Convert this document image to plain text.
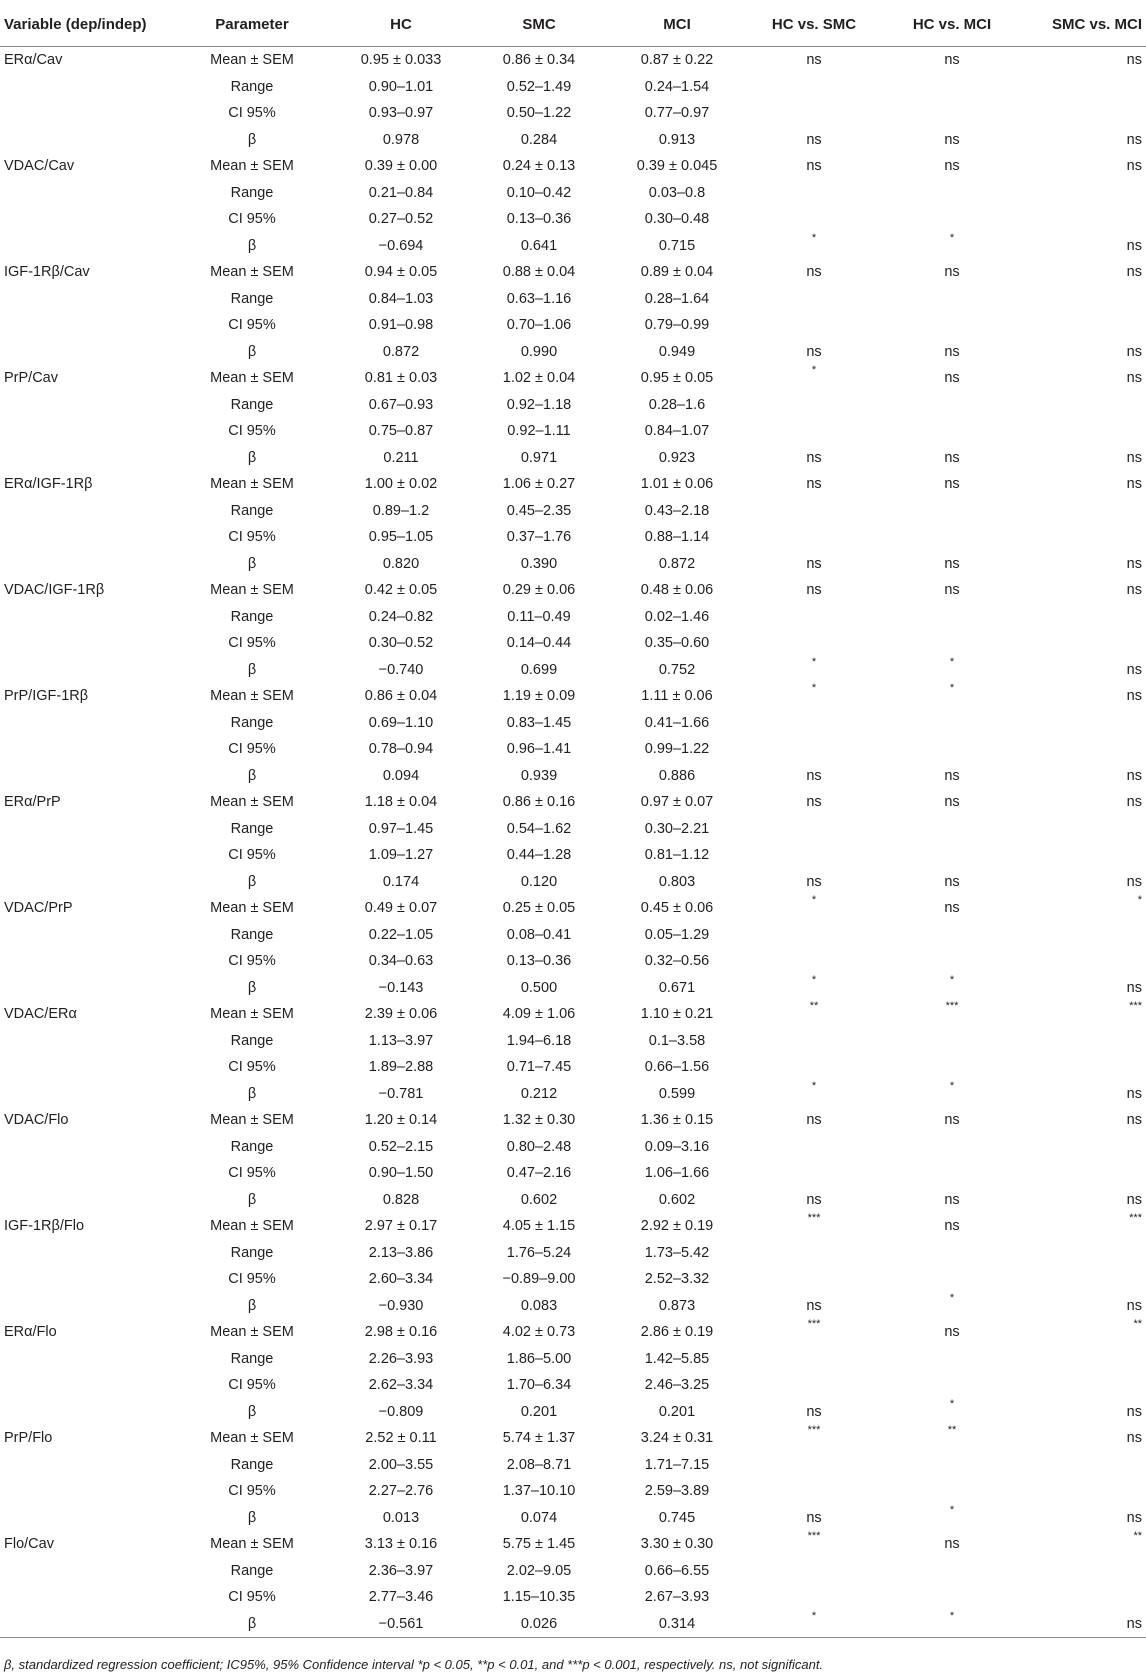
Variable (dep/indep)	Parameter	HC	SMC	MCI	HC vs. SMC	HC vs. MCI	SMC vs. MCI
ERα/Cav	Mean ± SEM	0.95 ± 0.033	0.86 ± 0.34	0.87 ± 0.22	ns	ns	ns
	Range	0.90–1.01	0.52–1.49	0.24–1.54			
	CI 95%	0.93–0.97	0.50–1.22	0.77–0.97			
	β	0.978	0.284	0.913	ns	ns	ns
VDAC/Cav	Mean ± SEM	0.39 ± 0.00	0.24 ± 0.13	0.39 ± 0.045	ns	ns	ns
	Range	0.21–0.84	0.10–0.42	0.03–0.8			
	CI 95%	0.27–0.52	0.13–0.36	0.30–0.48			
	β	−0.694	0.641	0.715	*	*	ns
IGF-1Rβ/Cav	Mean ± SEM	0.94 ± 0.05	0.88 ± 0.04	0.89 ± 0.04	ns	ns	ns
	Range	0.84–1.03	0.63–1.16	0.28–1.64			
	CI 95%	0.91–0.98	0.70–1.06	0.79–0.99			
	β	0.872	0.990	0.949	ns	ns	ns
PrP/Cav	Mean ± SEM	0.81 ± 0.03	1.02 ± 0.04	0.95 ± 0.05	*	ns	ns
	Range	0.67–0.93	0.92–1.18	0.28–1.6			
	CI 95%	0.75–0.87	0.92–1.11	0.84–1.07			
	β	0.211	0.971	0.923	ns	ns	ns
ERα/IGF-1Rβ	Mean ± SEM	1.00 ± 0.02	1.06 ± 0.27	1.01 ± 0.06	ns	ns	ns
	Range	0.89–1.2	0.45–2.35	0.43–2.18			
	CI 95%	0.95–1.05	0.37–1.76	0.88–1.14			
	β	0.820	0.390	0.872	ns	ns	ns
VDAC/IGF-1Rβ	Mean ± SEM	0.42 ± 0.05	0.29 ± 0.06	0.48 ± 0.06	ns	ns	ns
	Range	0.24–0.82	0.11–0.49	0.02–1.46			
	CI 95%	0.30–0.52	0.14–0.44	0.35–0.60			
	β	−0.740	0.699	0.752	*	*	ns
PrP/IGF-1Rβ	Mean ± SEM	0.86 ± 0.04	1.19 ± 0.09	1.11 ± 0.06	*	*	ns
	Range	0.69–1.10	0.83–1.45	0.41–1.66			
	CI 95%	0.78–0.94	0.96–1.41	0.99–1.22			
	β	0.094	0.939	0.886	ns	ns	ns
ERα/PrP	Mean ± SEM	1.18 ± 0.04	0.86 ± 0.16	0.97 ± 0.07	ns	ns	ns
	Range	0.97–1.45	0.54–1.62	0.30–2.21			
	CI 95%	1.09–1.27	0.44–1.28	0.81–1.12			
	β	0.174	0.120	0.803	ns	ns	ns
VDAC/PrP	Mean ± SEM	0.49 ± 0.07	0.25 ± 0.05	0.45 ± 0.06	*	ns	*
	Range	0.22–1.05	0.08–0.41	0.05–1.29			
	CI 95%	0.34–0.63	0.13–0.36	0.32–0.56			
	β	−0.143	0.500	0.671	*	*	ns
VDAC/ERα	Mean ± SEM	2.39 ± 0.06	4.09 ± 1.06	1.10 ± 0.21	**	***	***
	Range	1.13–3.97	1.94–6.18	0.1–3.58			
	CI 95%	1.89–2.88	0.71–7.45	0.66–1.56			
	β	−0.781	0.212	0.599	*	*	ns
VDAC/Flo	Mean ± SEM	1.20 ± 0.14	1.32 ± 0.30	1.36 ± 0.15	ns	ns	ns
	Range	0.52–2.15	0.80–2.48	0.09–3.16			
	CI 95%	0.90–1.50	0.47–2.16	1.06–1.66			
	β	0.828	0.602	0.602	ns	ns	ns
IGF-1Rβ/Flo	Mean ± SEM	2.97 ± 0.17	4.05 ± 1.15	2.92 ± 0.19	***	ns	***
	Range	2.13–3.86	1.76–5.24	1.73–5.42			
	CI 95%	2.60–3.34	−0.89–9.00	2.52–3.32			
	β	−0.930	0.083	0.873	ns	*	ns
ERα/Flo	Mean ± SEM	2.98 ± 0.16	4.02 ± 0.73	2.86 ± 0.19	***	ns	**
	Range	2.26–3.93	1.86–5.00	1.42–5.85			
	CI 95%	2.62–3.34	1.70–6.34	2.46–3.25			
	β	−0.809	0.201	0.201	ns	*	ns
PrP/Flo	Mean ± SEM	2.52 ± 0.11	5.74 ± 1.37	3.24 ± 0.31	***	**	ns
	Range	2.00–3.55	2.08–8.71	1.71–7.15			
	CI 95%	2.27–2.76	1.37–10.10	2.59–3.89			
	β	0.013	0.074	0.745	ns	*	ns
Flo/Cav	Mean ± SEM	3.13 ± 0.16	5.75 ± 1.45	3.30 ± 0.30	***	ns	**
	Range	2.36–3.97	2.02–9.05	0.66–6.55			
	CI 95%	2.77–3.46	1.15–10.35	2.67–3.93			
	β	−0.561	0.026	0.314	*	*	ns
β, standardized regression coefficient; IC95%, 95% Confidence interval *p < 0.05, **p < 0.01, and ***p < 0.001, respectively. ns, not significant.
